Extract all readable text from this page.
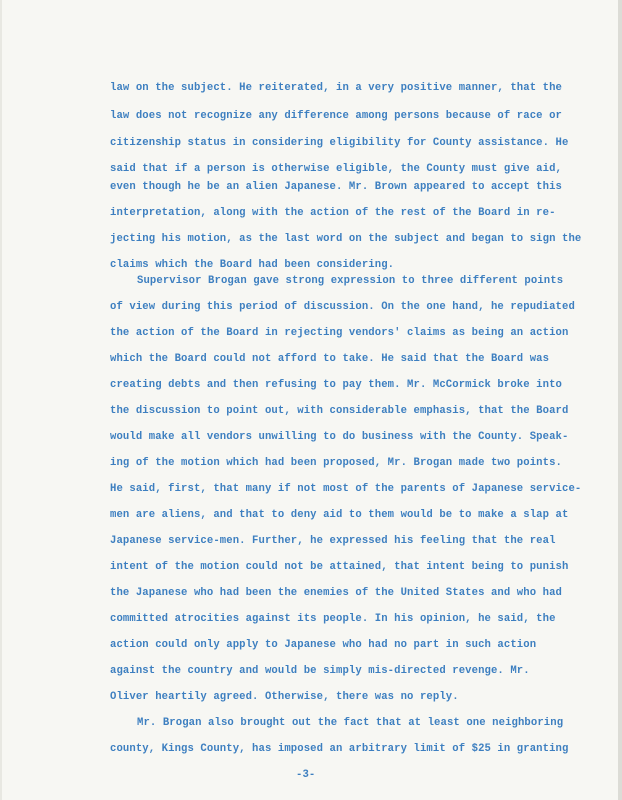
law on the subject. He reiterated, in a very positive manner, that the
law does not recognize any difference among persons because of race or
citizenship status in considering eligibility for County assistance. He
said that if a person is otherwise eligible, the County must give aid,
even though he be an alien Japanese. Mr. Brown appeared to accept this
interpretation, along with the action of the rest of the Board in re-
jecting his motion, as the last word on the subject and began to sign the
claims which the Board had been considering.
Supervisor Brogan gave strong expression to three different points
of view during this period of discussion. On the one hand, he repudiated
the action of the Board in rejecting vendors' claims as being an action
which the Board could not afford to take. He said that the Board was
creating debts and then refusing to pay them. Mr. McCormick broke into
the discussion to point out, with considerable emphasis, that the Board
would make all vendors unwilling to do business with the County. Speak-
ing of the motion which had been proposed, Mr. Brogan made two points.
He said, first, that many if not most of the parents of Japanese service-
men are aliens, and that to deny aid to them would be to make a slap at
Japanese service-men. Further, he expressed his feeling that the real
intent of the motion could not be attained, that intent being to punish
the Japanese who had been the enemies of the United States and who had
committed atrocities against its people. In his opinion, he said, the
action could only apply to Japanese who had no part in such action
against the country and would be simply mis-directed revenge. Mr.
Oliver heartily agreed. Otherwise, there was no reply.
Mr. Brogan also brought out the fact that at least one neighboring
county, Kings County, has imposed an arbitrary limit of $25 in granting
-3-
